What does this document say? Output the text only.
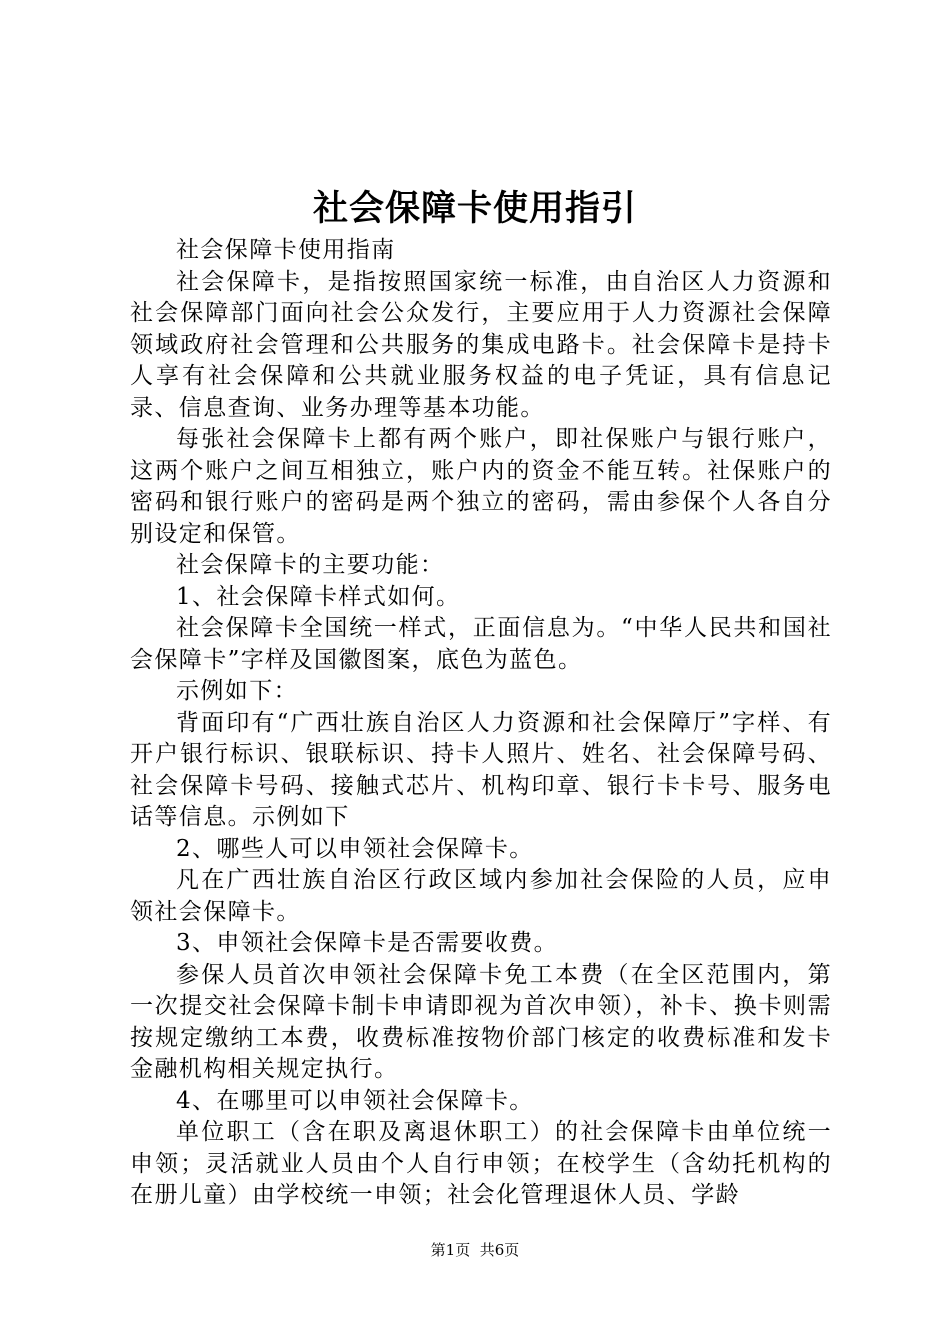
社会保障卡使用指引

社会保障卡使用指南

社会保障卡，是指按照国家统一标准，由自治区人力资源和社会保障部门面向社会公众发行，主要应用于人力资源社会保障领域政府社会管理和公共服务的集成电路卡。社会保障卡是持卡人享有社会保障和公共就业服务权益的电子凭证，具有信息记录、信息查询、业务办理等基本功能。

每张社会保障卡上都有两个账户，即社保账户与银行账户，这两个账户之间互相独立，账户内的资金不能互转。社保账户的密码和银行账户的密码是两个独立的密码，需由参保个人各自分别设定和保管。

社会保障卡的主要功能：

1、社会保障卡样式如何。

社会保障卡全国统一样式，正面信息为。“中华人民共和国社会保障卡”字样及国徽图案，底色为蓝色。

示例如下：

背面印有“广西壮族自治区人力资源和社会保障厅”字样、有开户银行标识、银联标识、持卡人照片、姓名、社会保障号码、社会保障卡号码、接触式芯片、机构印章、银行卡卡号、服务电话等信息。示例如下

2、哪些人可以申领社会保障卡。

凡在广西壮族自治区行政区域内参加社会保险的人员，应申领社会保障卡。

3、申领社会保障卡是否需要收费。

参保人员首次申领社会保障卡免工本费（在全区范围内，第一次提交社会保障卡制卡申请即视为首次申领），补卡、换卡则需按规定缴纳工本费，收费标准按物价部门核定的收费标准和发卡金融机构相关规定执行。

4、在哪里可以申领社会保障卡。

单位职工（含在职及离退休职工）的社会保障卡由单位统一申领；灵活就业人员由个人自行申领；在校学生（含幼托机构的在册儿童）由学校统一申领；社会化管理退休人员、学龄

第1页 共6页
